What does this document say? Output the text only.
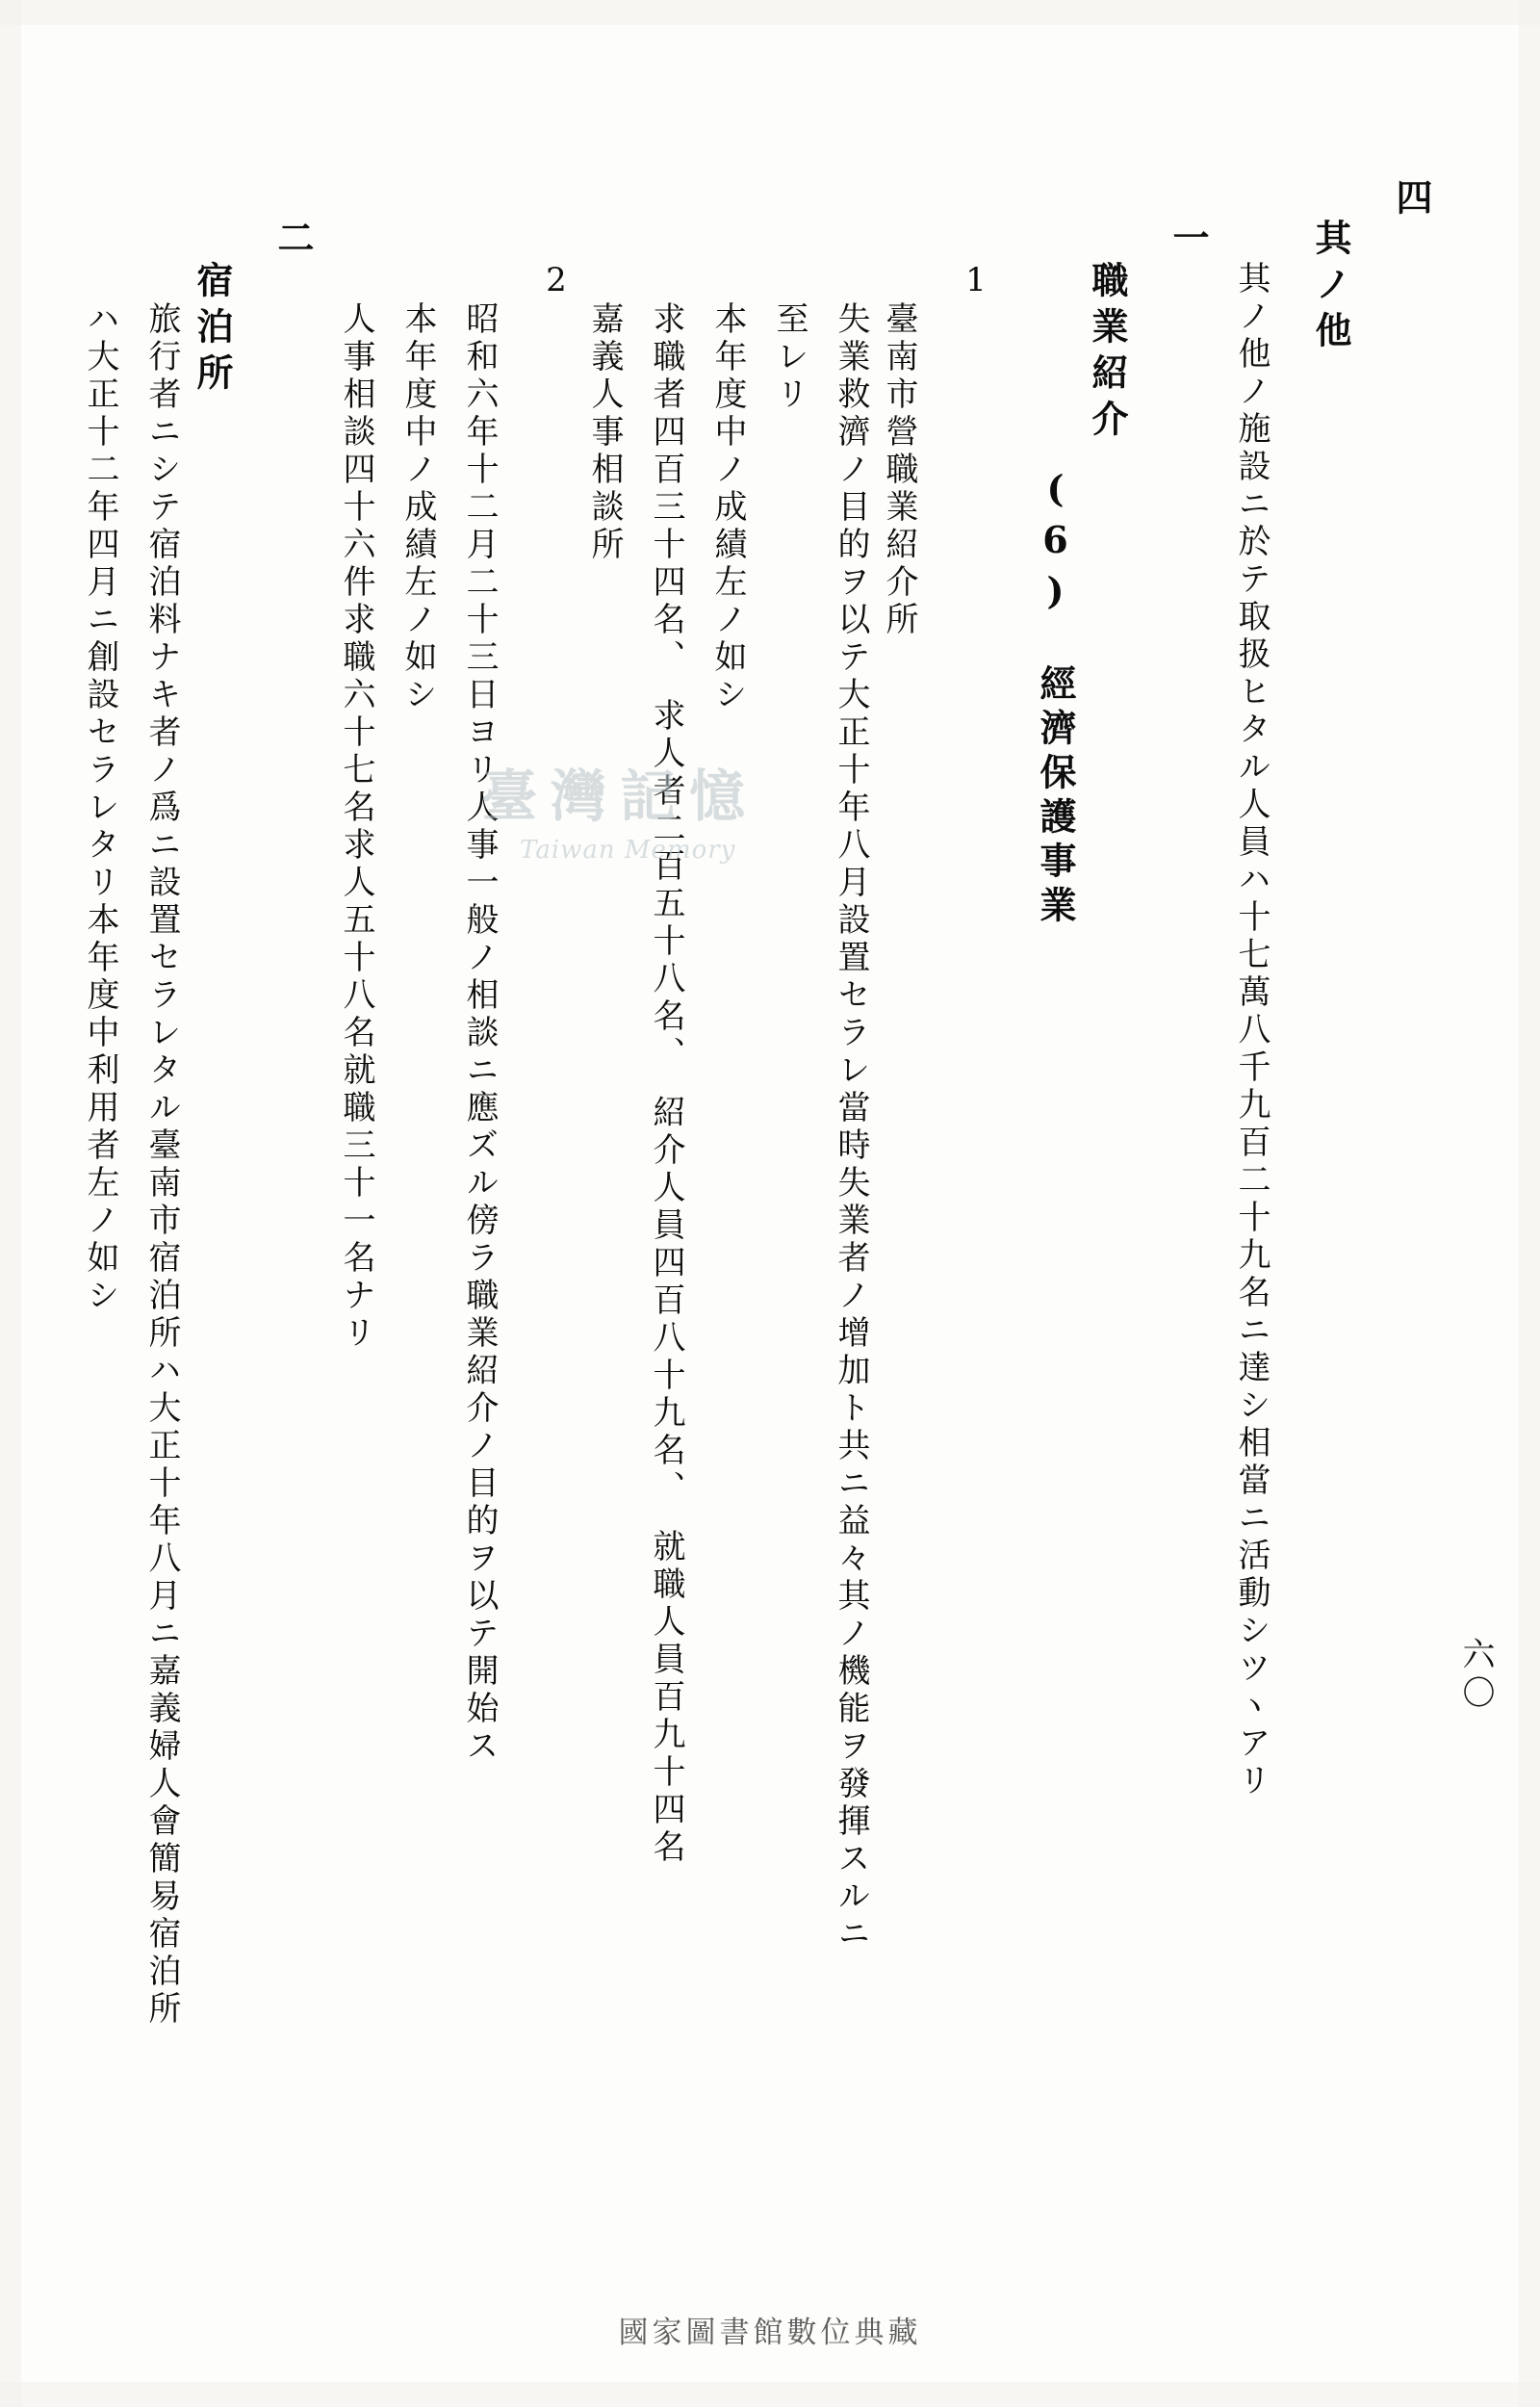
四
其ノ他
其ノ他ノ施設ニ於テ取扱ヒタル人員ハ十七萬八千九百二十九名ニ達シ相當ニ活動シツヽアリ
一
職業紹介
(6)　經濟保護事業
1
臺南市營職業紹介所
失業救濟ノ目的ヲ以テ大正十年八月設置セラレ當時失業者ノ增加ト共ニ益々其ノ機能ヲ發揮スルニ
至レリ
本年度中ノ成績左ノ如シ
求職者四百三十四名、　求人者二百五十八名、　紹介人員四百八十九名、　就職人員百九十四名
嘉義人事相談所
2
昭和六年十二月二十三日ヨリ人事一般ノ相談ニ應ズル傍ラ職業紹介ノ目的ヲ以テ開始ス
本年度中ノ成績左ノ如シ
人事相談四十六件求職六十七名求人五十八名就職三十一名ナリ
二
宿泊所
旅行者ニシテ宿泊料ナキ者ノ爲ニ設置セラレタル臺南市宿泊所ハ大正十年八月ニ嘉義婦人會簡易宿泊所
ハ大正十二年四月ニ創設セラレタリ本年度中利用者左ノ如シ
六〇
臺灣記憶
Taiwan Memory
國家圖書館數位典藏
